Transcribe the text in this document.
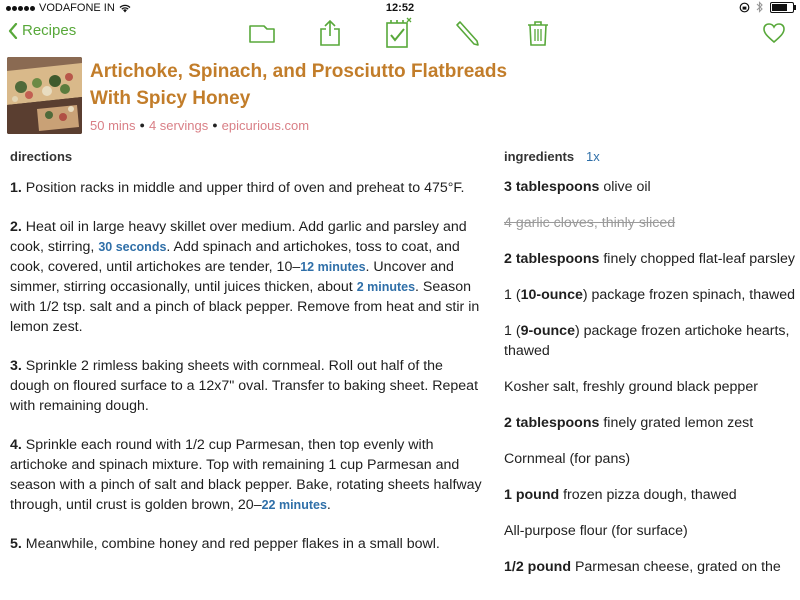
VODAFONE IN	12:52
Recipes
Artichoke, Spinach, and Prosciutto Flatbreads
With Spicy Honey
50 mins ● 4 servings ● epicurious.com
directions

1. Position racks in middle and upper third of oven and preheat to 475°F.

2. Heat oil in large heavy skillet over medium. Add garlic and parsley and cook, stirring, 30 seconds. Add spinach and artichokes, toss to coat, and cook, covered, until artichokes are tender, 10–12 minutes. Uncover and simmer, stirring occasionally, until juices thicken, about 2 minutes. Season with 1/2 tsp. salt and a pinch of black pepper. Remove from heat and stir in lemon zest.

3. Sprinkle 2 rimless baking sheets with cornmeal. Roll out half of the dough on floured surface to a 12x7" oval. Transfer to baking sheet. Repeat with remaining dough.

4. Sprinkle each round with 1/2 cup Parmesan, then top evenly with artichoke and spinach mixture. Top with remaining 1 cup Parmesan and season with a pinch of salt and black pepper. Bake, rotating sheets halfway through, until crust is golden brown, 20–22 minutes.

5. Meanwhile, combine honey and red pepper flakes in a small bowl.

ingredients 1x
3 tablespoons olive oil
4 garlic cloves, thinly sliced
2 tablespoons finely chopped flat-leaf parsley
1 (10-ounce) package frozen spinach, thawed
1 (9-ounce) package frozen artichoke hearts, thawed
Kosher salt, freshly ground black pepper
2 tablespoons finely grated lemon zest
Cornmeal (for pans)
1 pound frozen pizza dough, thawed
All-purpose flour (for surface)
1/2 pound Parmesan cheese, grated on the
